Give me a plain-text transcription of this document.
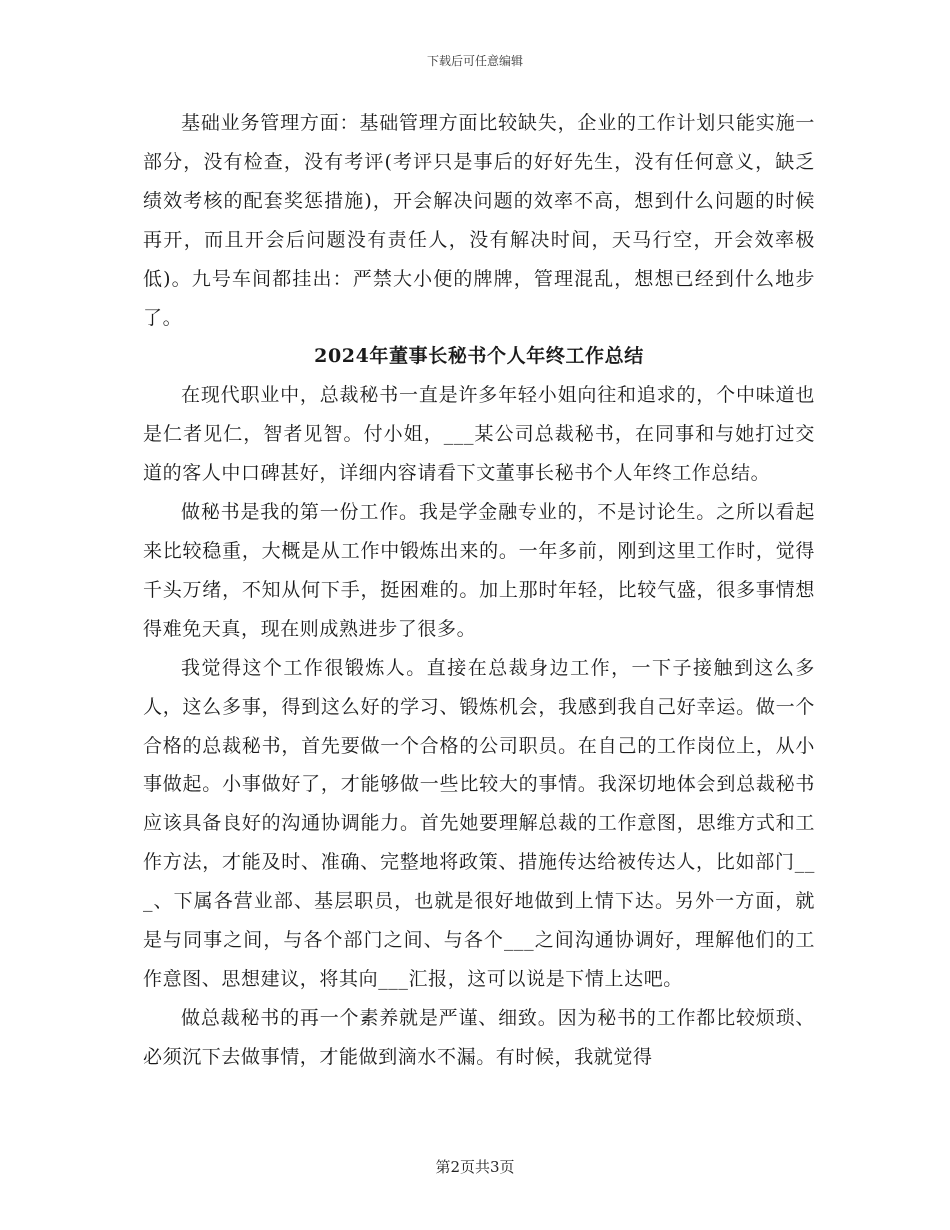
下载后可任意编辑

基础业务管理方面：基础管理方面比较缺失，企业的工作计划只能实施一部分，没有检查，没有考评(考评只是事后的好好先生，没有任何意义，缺乏绩效考核的配套奖惩措施)，开会解决问题的效率不高，想到什么问题的时候再开，而且开会后问题没有责任人，没有解决时间，天马行空，开会效率极低)。九号车间都挂出：严禁大小便的牌牌，管理混乱，想想已经到什么地步了。

2024年董事长秘书个人年终工作总结

在现代职业中，总裁秘书一直是许多年轻小姐向往和追求的，个中味道也是仁者见仁，智者见智。付小姐，___某公司总裁秘书，在同事和与她打过交道的客人中口碑甚好，详细内容请看下文董事长秘书个人年终工作总结。

做秘书是我的第一份工作。我是学金融专业的，不是讨论生。之所以看起来比较稳重，大概是从工作中锻炼出来的。一年多前，刚到这里工作时，觉得千头万绪，不知从何下手，挺困难的。加上那时年轻，比较气盛，很多事情想得难免天真，现在则成熟进步了很多。

我觉得这个工作很锻炼人。直接在总裁身边工作，一下子接触到这么多人，这么多事，得到这么好的学习、锻炼机会，我感到我自己好幸运。做一个合格的总裁秘书，首先要做一个合格的公司职员。在自己的工作岗位上，从小事做起。小事做好了，才能够做一些比较大的事情。我深切地体会到总裁秘书应该具备良好的沟通协调能力。首先她要理解总裁的工作意图，思维方式和工作方法，才能及时、准确、完整地将政策、措施传达给被传达人，比如部门___、下属各营业部、基层职员，也就是很好地做到上情下达。另外一方面，就是与同事之间，与各个部门之间、与各个___之间沟通协调好，理解他们的工作意图、思想建议，将其向___汇报，这可以说是下情上达吧。

做总裁秘书的再一个素养就是严谨、细致。因为秘书的工作都比较烦琐、必须沉下去做事情，才能做到滴水不漏。有时候，我就觉得

第2页共3页
